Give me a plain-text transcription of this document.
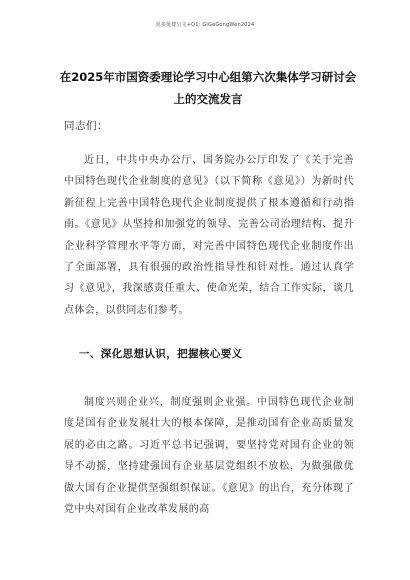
更多免费公文+Q1: GiGeGongWen2024
在2025年市国资委理论学习中心组第六次集体学习研讨会
上的交流发言
同志们：

近日，中共中央办公厅、国务院办公厅印发了《关于完善中国特色现代企业制度的意见》（以下简称《意见》）为新时代新征程上完善中国特色现代企业制度提供了根本遵循和行动指南。《意见》从坚持和加强党的领导、完善公司治理结构、提升企业科学管理水平等方面，对完善中国特色现代企业制度作出了全面部署，具有很强的政治性指导性和针对性。通过认真学习《意见》，我深感责任重大、使命光荣，结合工作实际，谈几点体会，以供同志们参考。

一、深化思想认识，把握核心要义

制度兴则企业兴，制度强则企业强。中国特色现代企业制度是国有企业发展壮大的根本保障，是推动国有企业高质量发展的必由之路。习近平总书记强调，要坚持党对国有企业的领导不动摇，坚持建强国有企业基层党组织不放松，为做强做优做大国有企业提供坚强组织保证。《意见》的出台，充分体现了党中央对国有企业改革发展的高
